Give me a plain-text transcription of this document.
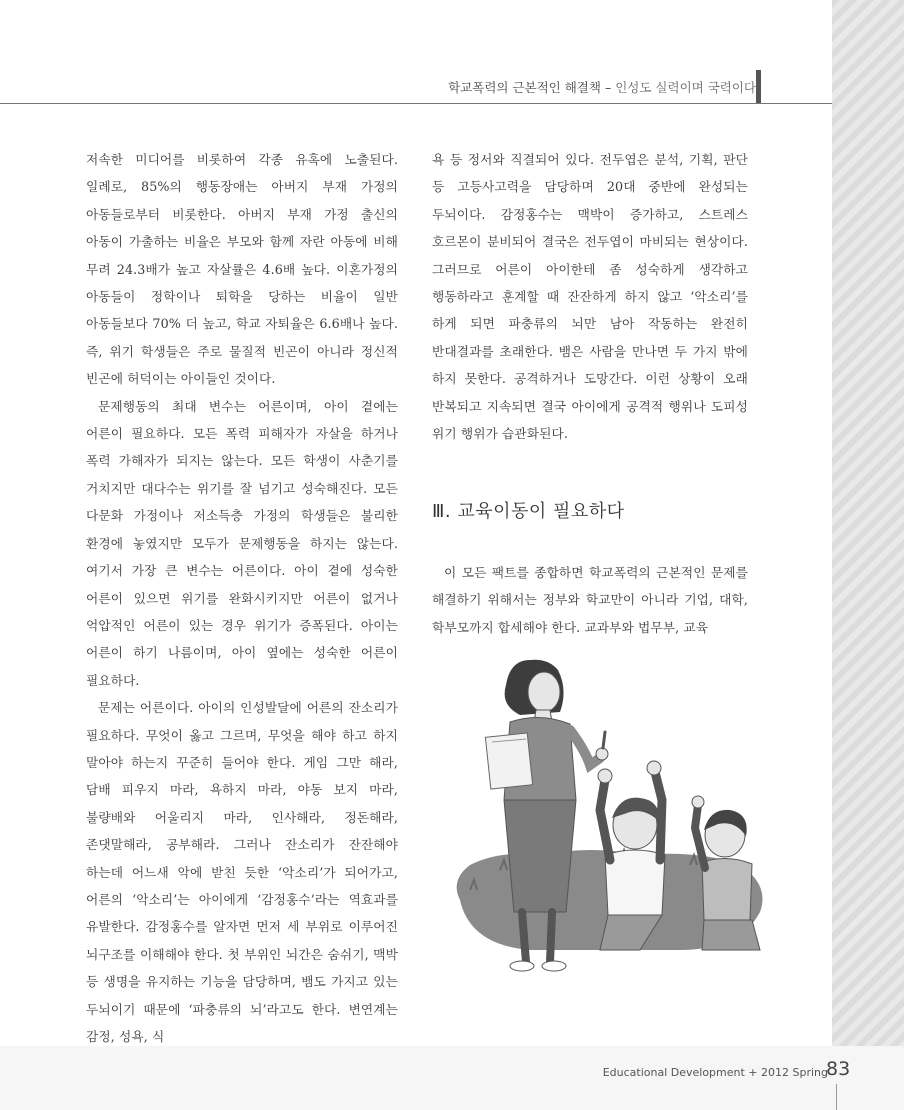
학교폭력의 근본적인 해결책 – 인성도 실력이며 국력이다

저속한 미디어를 비롯하여 각종 유혹에 노출된다. 일례로, 85%의 행동장애는 아버지 부재 가정의 아동들로부터 비롯한다. 아버지 부재 가정 출신의 아동이 가출하는 비율은 부모와 함께 자란 아동에 비해 무려 24.3배가 높고 자살률은 4.6배 높다. 이혼가정의 아동들이 정학이나 퇴학을 당하는 비율이 일반 아동들보다 70% 더 높고, 학교 자퇴율은 6.6배나 높다. 즉, 위기 학생들은 주로 물질적 빈곤이 아니라 정신적 빈곤에 허덕이는 아이들인 것이다.

문제행동의 최대 변수는 어른이며, 아이 곁에는 어른이 필요하다. 모든 폭력 피해자가 자살을 하거나 폭력 가해자가 되지는 않는다. 모든 학생이 사춘기를 거치지만 대다수는 위기를 잘 넘기고 성숙해진다. 모든 다문화 가정이나 저소득층 가정의 학생들은 불리한 환경에 놓였지만 모두가 문제행동을 하지는 않는다. 여기서 가장 큰 변수는 어른이다. 아이 곁에 성숙한 어른이 있으면 위기를 완화시키지만 어른이 없거나 억압적인 어른이 있는 경우 위기가 증폭된다. 아이는 어른이 하기 나름이며, 아이 옆에는 성숙한 어른이 필요하다.

문제는 어른이다. 아이의 인성발달에 어른의 잔소리가 필요하다. 무엇이 옳고 그르며, 무엇을 해야 하고 하지 말아야 하는지 꾸준히 들어야 한다. 게임 그만 해라, 담배 피우지 마라, 욕하지 마라, 야동 보지 마라, 불량배와 어울리지 마라, 인사해라, 정돈해라, 존댓말해라, 공부해라. 그러나 잔소리가 잔잔해야 하는데 어느새 악에 받친 듯한 ‘악소리’가 되어가고, 어른의 ‘악소리’는 아이에게 ‘감정홍수’라는 역효과를 유발한다. 감정홍수를 알자면 먼저 세 부위로 이루어진 뇌구조를 이해해야 한다. 첫 부위인 뇌간은 숨쉬기, 맥박 등 생명을 유지하는 기능을 담당하며, 뱀도 가지고 있는 두뇌이기 때문에 ‘파충류의 뇌’라고도 한다. 변연계는 감정, 성욕, 식

욕 등 정서와 직결되어 있다. 전두엽은 분석, 기획, 판단 등 고등사고력을 담당하며 20대 중반에 완성되는 두뇌이다. 감정홍수는 맥박이 증가하고, 스트레스 호르몬이 분비되어 결국은 전두엽이 마비되는 현상이다. 그러므로 어른이 아이한테 좀 성숙하게 생각하고 행동하라고 훈계할 때 잔잔하게 하지 않고 ‘악소리’를 하게 되면 파충류의 뇌만 남아 작동하는 완전히 반대결과를 초래한다. 뱀은 사람을 만나면 두 가지 밖에 하지 못한다. 공격하거나 도망간다. 이런 상황이 오래 반복되고 지속되면 결국 아이에게 공격적 행위나 도피성 위기 행위가 습관화된다.

Ⅲ. 교육이동이 필요하다

이 모든 팩트를 종합하면 학교폭력의 근본적인 문제를 해결하기 위해서는 정부와 학교만이 아니라 기업, 대학, 학부모까지 합세해야 한다. 교과부와 법무부, 교육

Educational Development + 2012 Spring
83
